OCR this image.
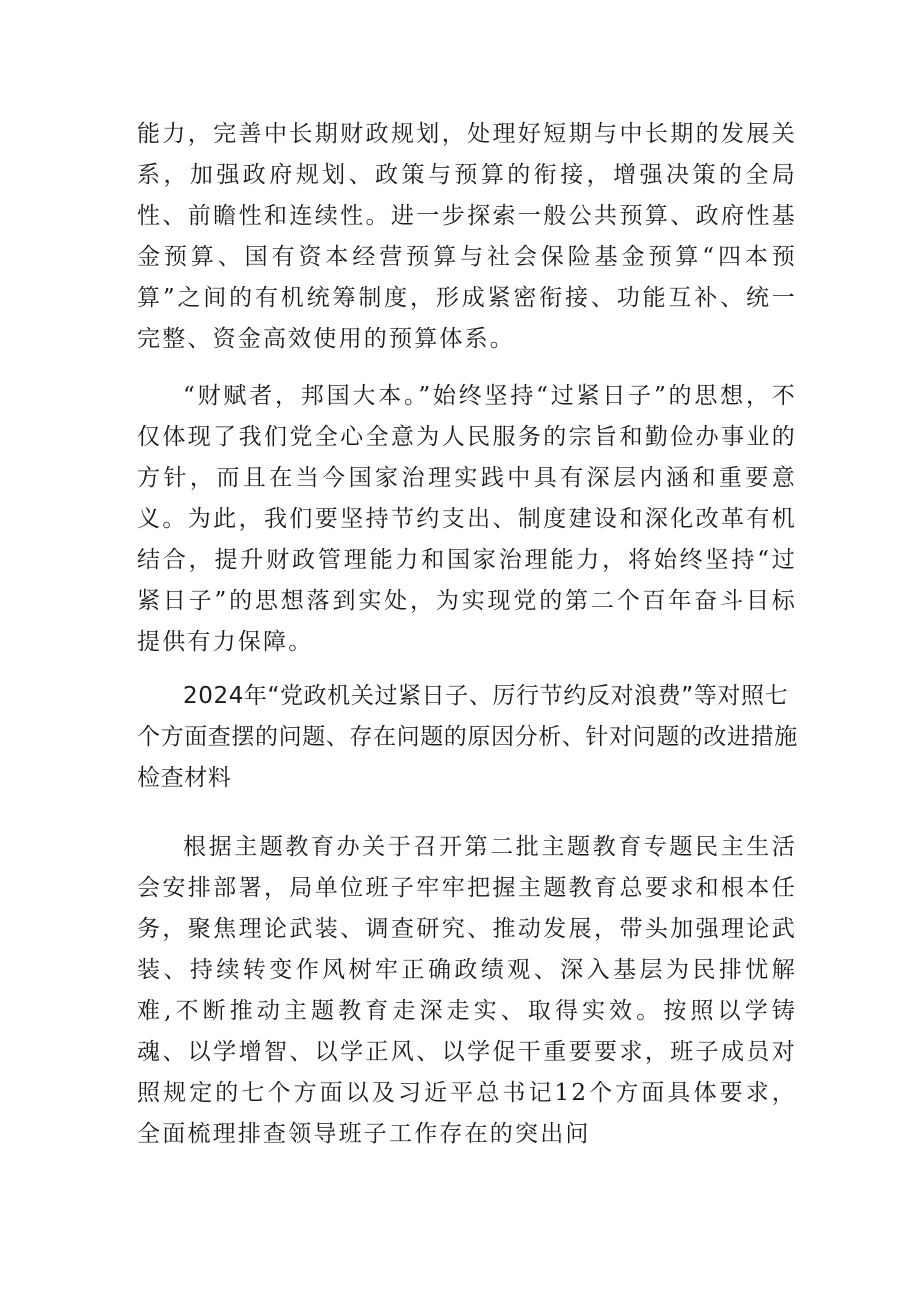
能力，完善中长期财政规划，处理好短期与中长期的发展关系，加强政府规划、政策与预算的衔接，增强决策的全局性、前瞻性和连续性。进一步探索一般公共预算、政府性基金预算、国有资本经营预算与社会保险基金预算“四本预算”之间的有机统筹制度，形成紧密衔接、功能互补、统一完整、资金高效使用的预算体系。

“财赋者，邦国大本。”始终坚持“过紧日子”的思想，不仅体现了我们党全心全意为人民服务的宗旨和勤俭办事业的方针，而且在当今国家治理实践中具有深层内涵和重要意义。为此，我们要坚持节约支出、制度建设和深化改革有机结合，提升财政管理能力和国家治理能力，将始终坚持“过紧日子”的思想落到实处，为实现党的第二个百年奋斗目标提供有力保障。

2024年“党政机关过紧日子、厉行节约反对浪费”等对照七个方面查摆的问题、存在问题的原因分析、针对问题的改进措施检查材料

根据主题教育办关于召开第二批主题教育专题民主生活会安排部署，局单位班子牢牢把握主题教育总要求和根本任务，聚焦理论武装、调查研究、推动发展，带头加强理论武装、持续转变作风树牢正确政绩观、深入基层为民排忧解难,不断推动主题教育走深走实、取得实效。按照以学铸魂、以学增智、以学正风、以学促干重要要求，班子成员对照规定的七个方面以及习近平总书记12个方面具体要求，全面梳理排查领导班子工作存在的突出问
